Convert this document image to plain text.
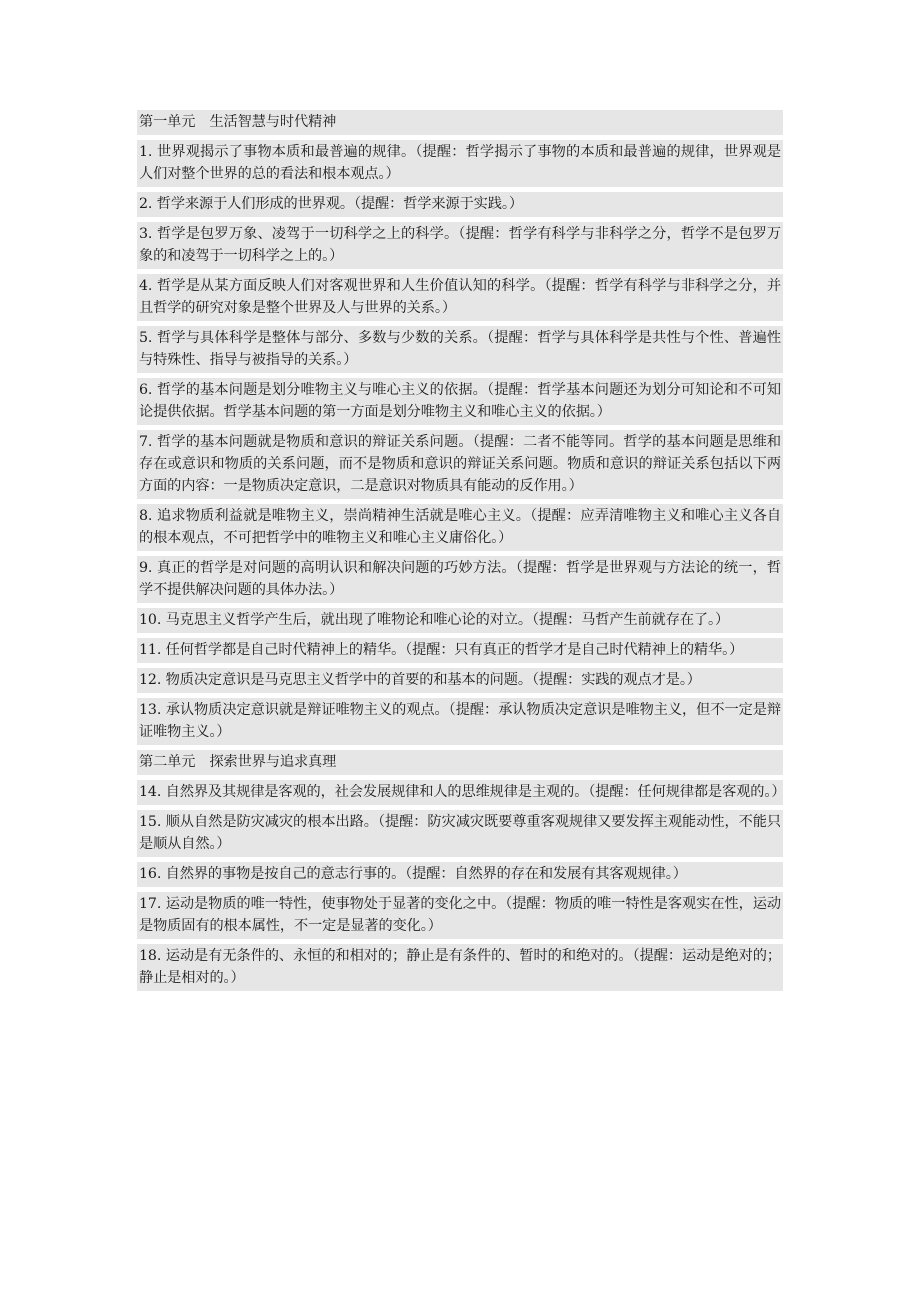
第一单元　生活智慧与时代精神
1. 世界观揭示了事物本质和最普遍的规律。（提醒：哲学揭示了事物的本质和最普遍的规律，世界观是人们对整个世界的总的看法和根本观点。）
2. 哲学来源于人们形成的世界观。（提醒：哲学来源于实践。）
3. 哲学是包罗万象、凌驾于一切科学之上的科学。（提醒：哲学有科学与非科学之分，哲学不是包罗万象的和凌驾于一切科学之上的。）
4. 哲学是从某方面反映人们对客观世界和人生价值认知的科学。（提醒：哲学有科学与非科学之分，并且哲学的研究对象是整个世界及人与世界的关系。）
5. 哲学与具体科学是整体与部分、多数与少数的关系。（提醒：哲学与具体科学是共性与个性、普遍性与特殊性、指导与被指导的关系。）
6. 哲学的基本问题是划分唯物主义与唯心主义的依据。（提醒：哲学基本问题还为划分可知论和不可知论提供依据。哲学基本问题的第一方面是划分唯物主义和唯心主义的依据。）
7. 哲学的基本问题就是物质和意识的辩证关系问题。（提醒：二者不能等同。哲学的基本问题是思维和存在或意识和物质的关系问题，而不是物质和意识的辩证关系问题。物质和意识的辩证关系包括以下两方面的内容：一是物质决定意识，二是意识对物质具有能动的反作用。）
8. 追求物质利益就是唯物主义，崇尚精神生活就是唯心主义。（提醒：应弄清唯物主义和唯心主义各自的根本观点，不可把哲学中的唯物主义和唯心主义庸俗化。）
9. 真正的哲学是对问题的高明认识和解决问题的巧妙方法。（提醒：哲学是世界观与方法论的统一，哲学不提供解决问题的具体办法。）
10. 马克思主义哲学产生后，就出现了唯物论和唯心论的对立。（提醒：马哲产生前就存在了。）
11. 任何哲学都是自己时代精神上的精华。（提醒：只有真正的哲学才是自己时代精神上的精华。）
12. 物质决定意识是马克思主义哲学中的首要的和基本的问题。（提醒：实践的观点才是。）
13. 承认物质决定意识就是辩证唯物主义的观点。（提醒：承认物质决定意识是唯物主义，但不一定是辩证唯物主义。）
第二单元　探索世界与追求真理
14. 自然界及其规律是客观的，社会发展规律和人的思维规律是主观的。（提醒：任何规律都是客观的。）
15. 顺从自然是防灾减灾的根本出路。（提醒：防灾减灾既要尊重客观规律又要发挥主观能动性，不能只是顺从自然。）
16. 自然界的事物是按自己的意志行事的。（提醒：自然界的存在和发展有其客观规律。）
17. 运动是物质的唯一特性，使事物处于显著的变化之中。（提醒：物质的唯一特性是客观实在性，运动是物质固有的根本属性，不一定是显著的变化。）
18. 运动是有无条件的、永恒的和相对的；静止是有条件的、暂时的和绝对的。（提醒：运动是绝对的；静止是相对的。）
